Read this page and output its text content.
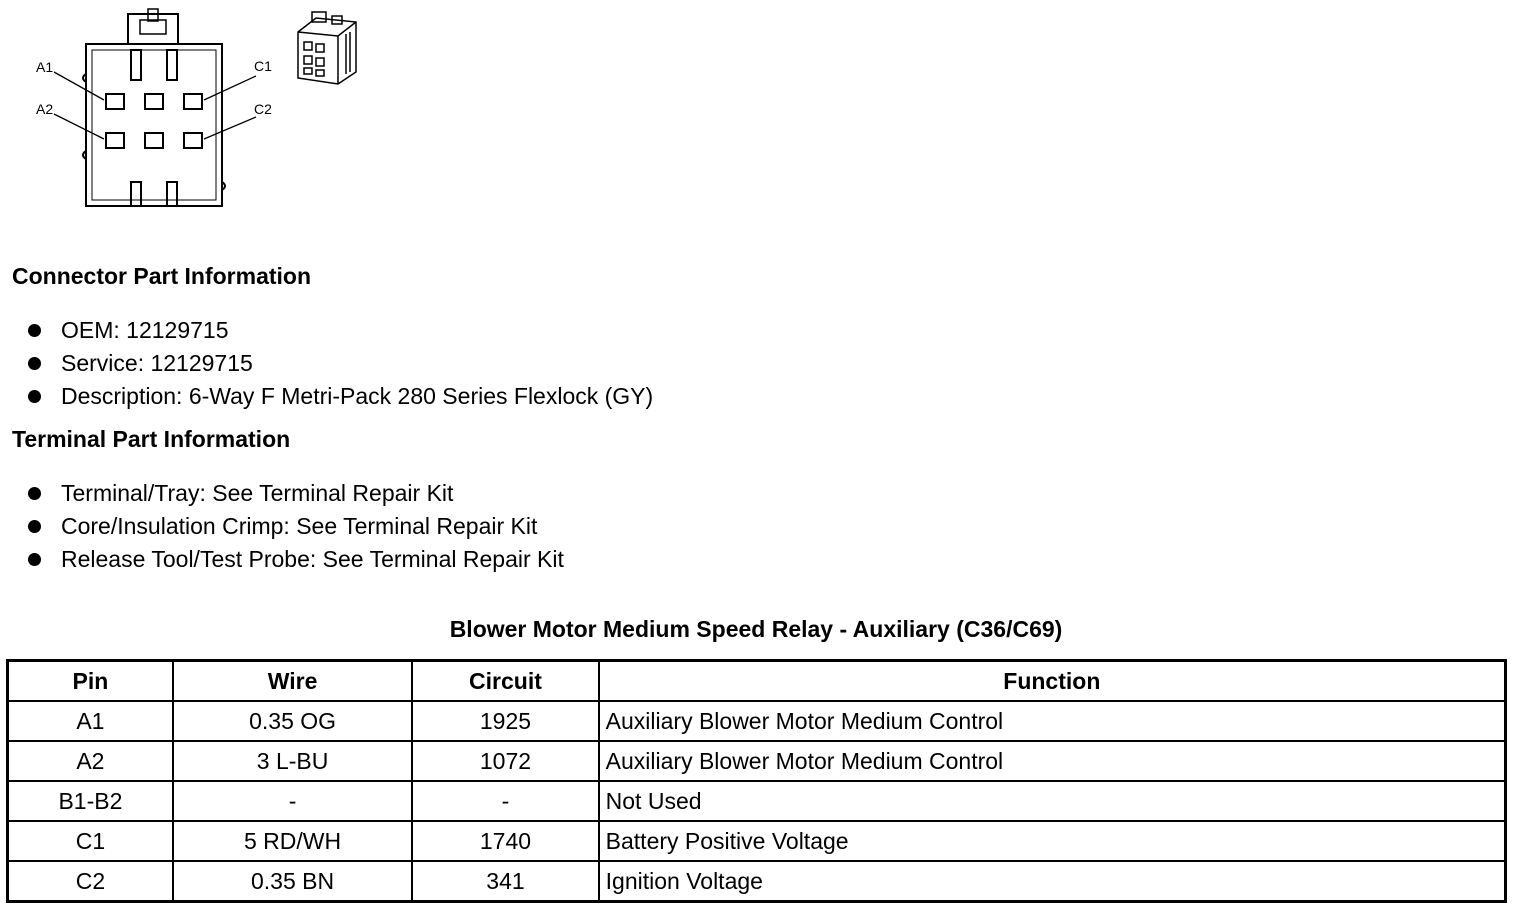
A1
A2
C1
C2
Connector Part Information
OEM: 12129715
Service: 12129715
Description: 6-Way F Metri-Pack 280 Series Flexlock (GY)
Terminal Part Information
Terminal/Tray: See Terminal Repair Kit
Core/Insulation Crimp: See Terminal Repair Kit
Release Tool/Test Probe: See Terminal Repair Kit
Blower Motor Medium Speed Relay - Auxiliary (C36/C69)
Pin	Wire	Circuit	Function
A1	0.35 OG	1925	Auxiliary Blower Motor Medium Control
A2	3 L-BU	1072	Auxiliary Blower Motor Medium Control
B1-B2	-	-	Not Used
C1	5 RD/WH	1740	Battery Positive Voltage
C2	0.35 BN	341	Ignition Voltage
